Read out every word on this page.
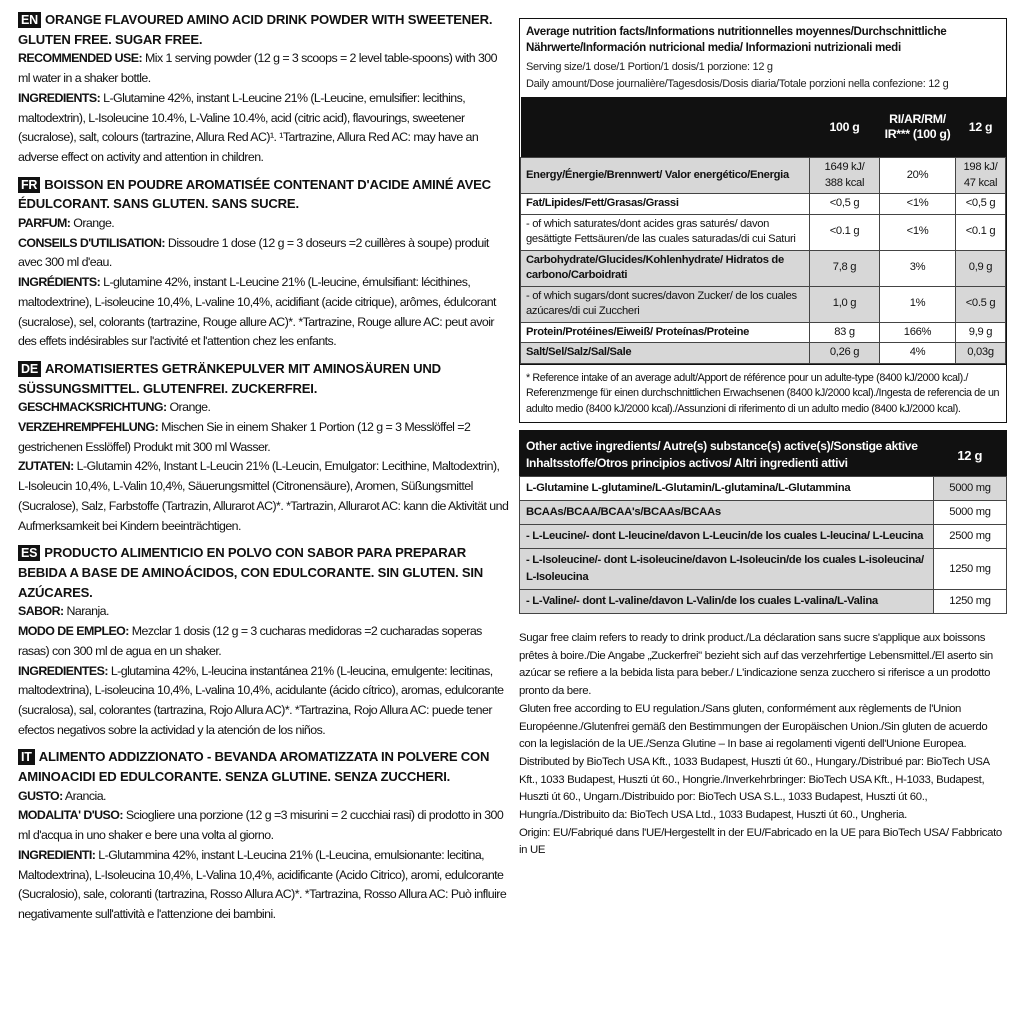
EN ORANGE FLAVOURED AMINO ACID DRINK POWDER WITH SWEETENER. GLUTEN FREE. SUGAR FREE.
RECOMMENDED USE: Mix 1 serving powder (12 g = 3 scoops = 2 level table-spoons) with 300 ml water in a shaker bottle.
INGREDIENTS: L-Glutamine 42%, instant L-Leucine 21% (L-Leucine, emulsifier: lecithins, maltodextrin), L-Isoleucine 10.4%, L-Valine 10.4%, acid (citric acid), flavourings, sweetener (sucralose), salt, colours (tartrazine, Allura Red AC)¹. ¹Tartrazine, Allura Red AC: may have an adverse effect on activity and attention in children.
FR BOISSON EN POUDRE AROMATISÉE CONTENANT D'ACIDE AMINÉ AVEC ÉDULCORANT. SANS GLUTEN. SANS SUCRE.
PARFUM: Orange.
CONSEILS D'UTILISATION: Dissoudre 1 dose (12 g = 3 doseurs =2 cuillères à soupe) produit avec 300 ml d'eau.
INGRÉDIENTS: L-glutamine 42%, instant L-Leucine 21% (L-leucine, émulsifiant: lécithines, maltodextrine), L-isoleucine 10,4%, L-valine 10,4%, acidifiant (acide citrique), arômes, édulcorant (sucralose), sel, colorants (tartrazine, Rouge allure AC)*. *Tartrazine, Rouge allure AC: peut avoir des effets indésirables sur l'activité et l'attention chez les enfants.
DE AROMATISIERTES GETRÄNKEPULVER MIT AMINOSÄUREN UND SÜSSUNGSMITTEL. GLUTENFREI. ZUCKERFREI.
GESCHMACKSRICHTUNG: Orange.
VERZEHREMPFEHLUNG: Mischen Sie in einem Shaker 1 Portion (12 g = 3 Messlöffel =2 gestrichenen Esslöffel) Produkt mit 300 ml Wasser.
ZUTATEN: L-Glutamin 42%, Instant L-Leucin 21% (L-Leucin, Emulgator: Lecithine, Maltodextrin), L-Isoleucin 10,4%, L-Valin 10,4%, Säuerungsmittel (Citronensäure), Aromen, Süßungsmittel (Sucralose), Salz, Farbstoffe (Tartrazin, Allurarot AC)*. *Tartrazin, Allurarot AC: kann die Aktivität und Aufmerksamkeit bei Kindern beeinträchtigen.
ES PRODUCTO ALIMENTICIO EN POLVO CON SABOR PARA PREPARAR BEBIDA A BASE DE AMINOÁCIDOS, CON EDULCORANTE. SIN GLUTEN. SIN AZÚCARES.
SABOR: Naranja.
MODO DE EMPLEO: Mezclar 1 dosis (12 g = 3 cucharas medidoras =2 cucharadas soperas rasas) con 300 ml de agua en un shaker.
INGREDIENTES: L-glutamina 42%, L-leucina instantánea 21% (L-leucina, emulgente: lecitinas, maltodextrina), L-isoleucina 10,4%, L-valina 10,4%, acidulante (ácido cítrico), aromas, edulcorante (sucralosa), sal, colorantes (tartrazina, Rojo Allura AC)*. *Tartrazina, Rojo Allura AC: puede tener efectos negativos sobre la actividad y la atención de los niños.
IT ALIMENTO ADDIZZIONATO - BEVANDA AROMATIZZATA IN POLVERE CON AMINOACIDI ED EDULCORANTE. SENZA GLUTINE. SENZA ZUCCHERI.
GUSTO: Arancia.
MODALITA' D'USO: Sciogliere una porzione (12 g =3 misurini = 2 cucchiai rasi) di prodotto in 300 ml d'acqua in uno shaker e bere una volta al giorno.
INGREDIENTI: L-Glutammina 42%, instant L-Leucina 21% (L-Leucina, emulsionante: lecitina, Maltodextrina), L-Isoleucina 10,4%, L-Valina 10,4%, acidificante (Acido Citrico), aromi, edulcorante (Sucralosio), sale, coloranti (tartrazina, Rosso Allura AC)*. *Tartrazina, Rosso Allura AC: Può influire negativamente sull'attività e l'attenzione dei bambini.
Average nutrition facts/Informations nutritionnelles moyennes/Durchschnittliche Nährwerte/Información nutricional media/ Informazioni nutrizionali medi
Serving size/1 dose/1 Portion/1 dosis/1 porzione: 12 g
Daily amount/Dose journalière/Tagesdosis/Dosis diaria/Totale porzioni nella confezione: 12 g
	100 g	RI/AR/RM/ IR*** (100 g)	12 g
Energy/Énergie/Brennwert/ Valor energético/Energia	1649 kJ/ 388 kcal	20%	198 kJ/ 47 kcal
Fat/Lipides/Fett/Grasas/Grassi	<0,5 g	<1%	<0,5 g
- of which saturates/dont acides gras saturés/ davon gesättigte Fettsäuren/de las cuales saturadas/di cui Saturi	<0.1 g	<1%	<0.1 g
Carbohydrate/Glucides/Kohlenhydrate/ Hidratos de carbono/Carboidrati	7,8 g	3%	0,9 g
- of which sugars/dont sucres/davon Zucker/ de los cuales azúcares/di cui Zuccheri	1,0 g	1%	<0.5 g
Protein/Protéines/Eiweiß/ Proteínas/Proteine	83 g	166%	9,9 g
Salt/Sel/Salz/Sal/Sale	0,26 g	4%	0,03g
* Reference intake of an average adult/Apport de référence pour un adulte-type (8400 kJ/2000 kcal)./ Referenzmenge für einen durchschnittlichen Erwachsenen (8400 kJ/2000 kcal)./Ingesta de referencia de un adulto medio (8400 kJ/2000 kcal)./Assunzioni di riferimento di un adulto medio (8400 kJ/2000 kcal).
Other active ingredients/ Autre(s) substance(s) active(s)/Sonstige aktive Inhaltsstoffe/Otros principios activos/ Altri ingredienti attivi	12 g
L-Glutamine L-glutamine/L-Glutamin/L-glutamina/L-Glutammina	5000 mg
BCAAs/BCAA/BCAA's/BCAAs/BCAAs	5000 mg
- L-Leucine/- dont L-leucine/davon L-Leucin/de los cuales L-leucina/ L-Leucina	2500 mg
- L-Isoleucine/- dont L-isoleucine/davon L-Isoleucin/de los cuales L-isoleucina/ L-Isoleucina	1250 mg
- L-Valine/- dont L-valine/davon L-Valin/de los cuales L-valina/L-Valina	1250 mg
Sugar free claim refers to ready to drink product./La déclaration sans sucre s'applique aux boissons prêtes à boire./Die Angabe „Zuckerfrei" bezieht sich auf das verzehrfertige Lebensmittel./El aserto sin azúcar se refiere a la bebida lista para beber./ L'indicazione senza zucchero si riferisce a un prodotto pronto da bere.
Gluten free according to EU regulation./Sans gluten, conformément aux règlements de l'Union Européenne./Glutenfrei gemäß den Bestimmungen der Europäischen Union./Sin gluten de acuerdo con la legislación de la UE./Senza Glutine – In base ai regolamenti vigenti dell'Unione Europea.
Distributed by BioTech USA Kft., 1033 Budapest, Huszti út 60., Hungary./Distribué par: BioTech USA Kft., 1033 Budapest, Huszti út 60., Hongrie./Inverkehrbringer: BioTech USA Kft., H-1033, Budapest, Huszti út 60., Ungarn./Distribuido por: BioTech USA S.L., 1033 Budapest, Huszti út 60., Hungría./Distribuito da: BioTech USA Ltd., 1033 Budapest, Huszti út 60., Ungheria.
Origin: EU/Fabriqué dans l'UE/Hergestellt in der EU/Fabricado en la UE para BioTech USA/ Fabbricato in UE
